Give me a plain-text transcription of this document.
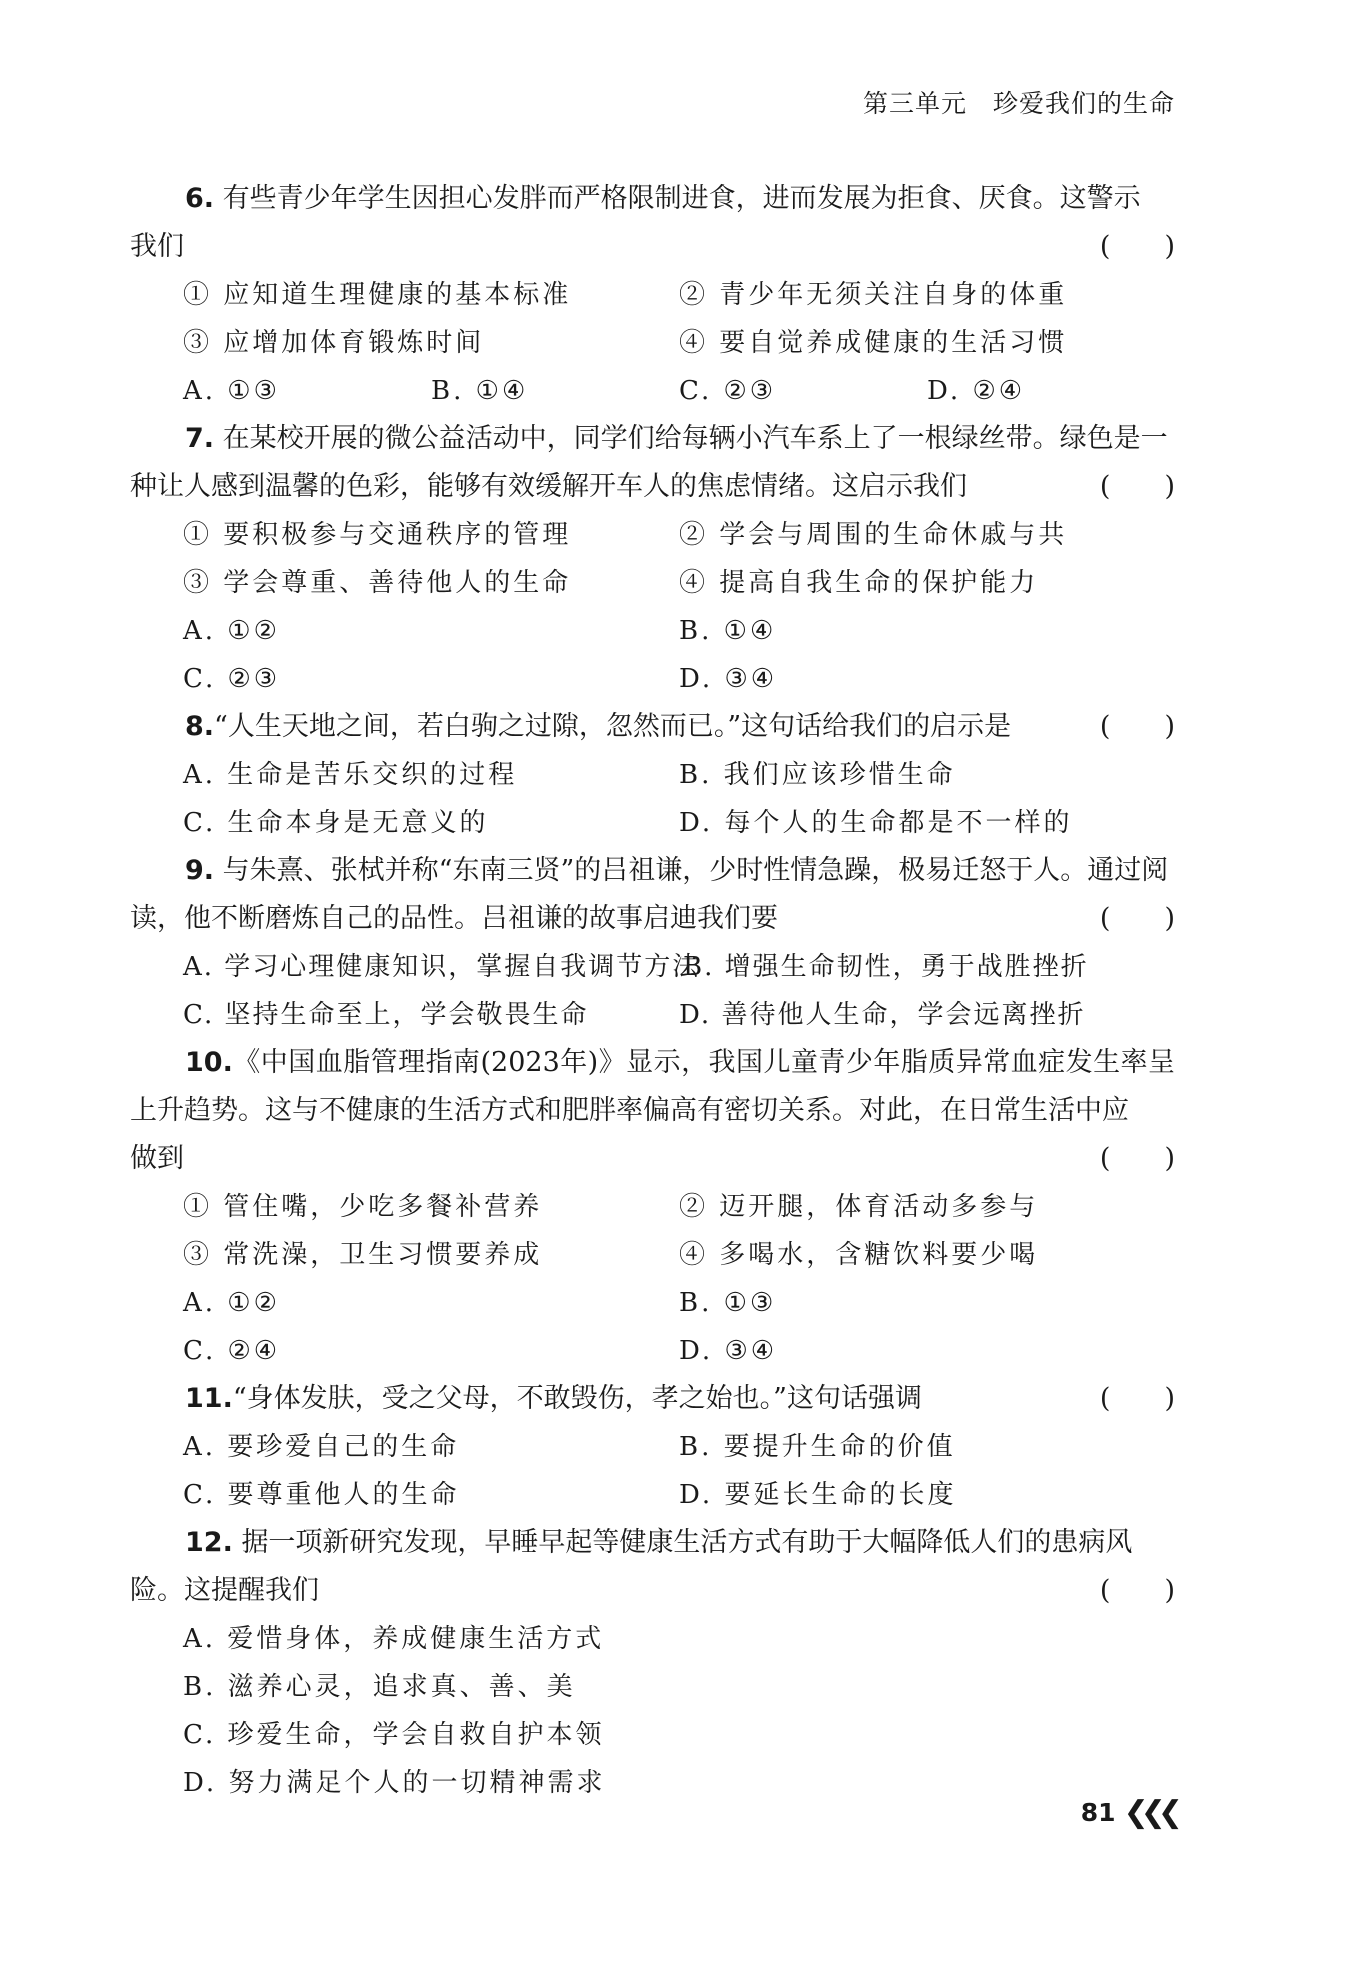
第三单元　珍爱我们的生命

6. 有些青少年学生因担心发胖而严格限制进食，进而发展为拒食、厌食。这警示

我们	(　　)
① 应知道生理健康的基本标准	② 青少年无须关注自身的体重
③ 应增加体育锻炼时间	④ 要自觉养成健康的生活习惯
A. ①③	B. ①④	C. ②③	D. ②④

7. 在某校开展的微公益活动中，同学们给每辆小汽车系上了一根绿丝带。绿色是一

种让人感到温馨的色彩，能够有效缓解开车人的焦虑情绪。这启示我们	(　　)
① 要积极参与交通秩序的管理	② 学会与周围的生命休戚与共
③ 学会尊重、善待他人的生命	④ 提高自我生命的保护能力
A. ①②	B. ①④
C. ②③	D. ③④
8.“人生天地之间，若白驹之过隙，忽然而已。”这句话给我们的启示是	(　　)
A. 生命是苦乐交织的过程	B. 我们应该珍惜生命
C. 生命本身是无意义的	D. 每个人的生命都是不一样的

9. 与朱熹、张栻并称“东南三贤”的吕祖谦，少时性情急躁，极易迁怒于人。通过阅

读，他不断磨炼自己的品性。吕祖谦的故事启迪我们要	(　　)
A. 学习心理健康知识，掌握自我调节方法
B. 增强生命韧性，勇于战胜挫折
C. 坚持生命至上，学会敬畏生命	D. 善待他人生命，学会远离挫折

10.《中国血脂管理指南(2023年)》显示，我国儿童青少年脂质异常血症发生率呈上升趋势。这与不健康的生活方式和肥胖率偏高有密切关系。对此，在日常生活中应

做到	(　　)
① 管住嘴，少吃多餐补营养	② 迈开腿，体育活动多参与
③ 常洗澡，卫生习惯要养成	④ 多喝水，含糖饮料要少喝
A. ①②	B. ①③
C. ②④	D. ③④
11.“身体发肤，受之父母，不敢毁伤，孝之始也。”这句话强调	(　　)
A. 要珍爱自己的生命	B. 要提升生命的价值
C. 要尊重他人的生命	D. 要延长生命的长度

12. 据一项新研究发现，早睡早起等健康生活方式有助于大幅降低人们的患病风

险。这提醒我们	(　　)
A. 爱惜身体，养成健康生活方式
B. 滋养心灵，追求真、善、美
C. 珍爱生命，学会自救自护本领
D. 努力满足个人的一切精神需求
81 ❮❮❮
